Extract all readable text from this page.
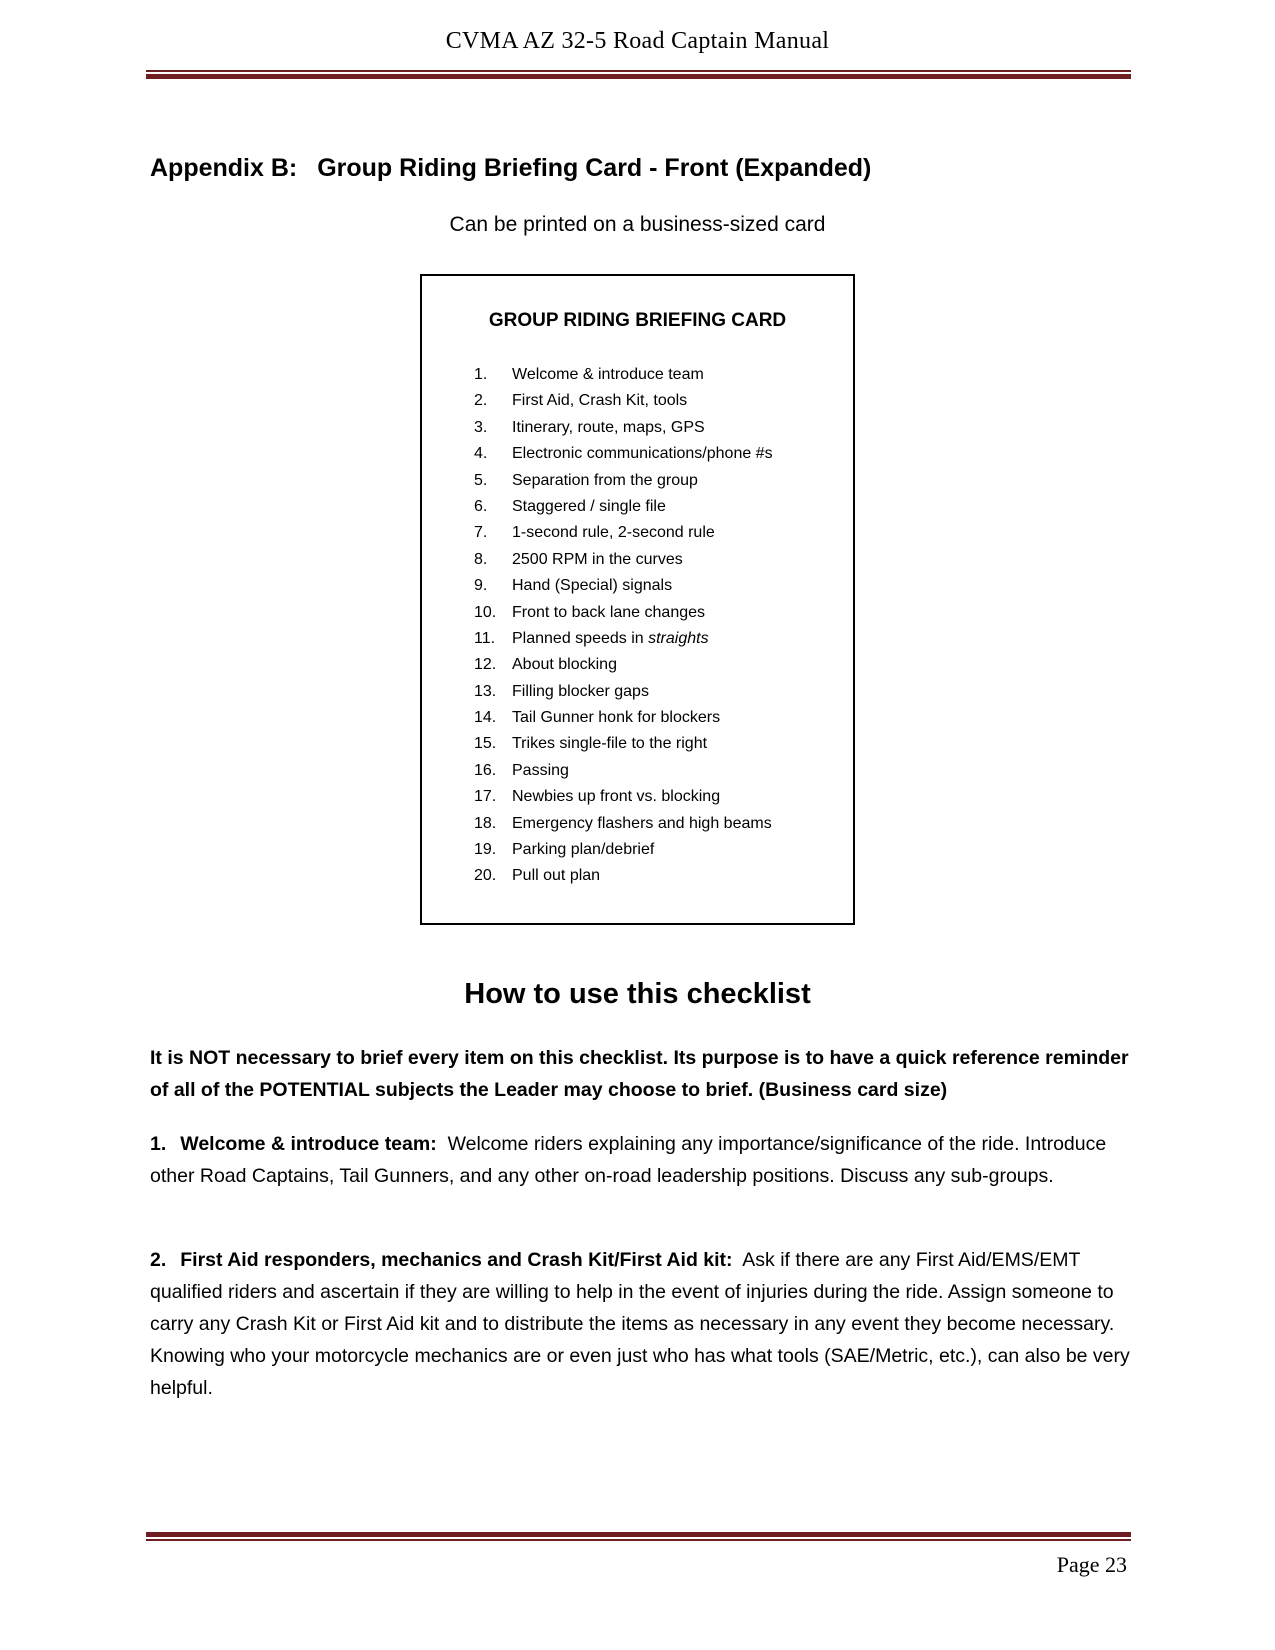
CVMA AZ 32-5 Road Captain Manual
Appendix B: Group Riding Briefing Card - Front (Expanded)
Can be printed on a business-sized card
GROUP RIDING BRIEFING CARD
1. Welcome & introduce team
2. First Aid, Crash Kit, tools
3. Itinerary, route, maps, GPS
4. Electronic communications/phone #s
5. Separation from the group
6. Staggered / single file
7. 1-second rule, 2-second rule
8. 2500 RPM in the curves
9. Hand (Special) signals
10. Front to back lane changes
11. Planned speeds in straights
12. About blocking
13. Filling blocker gaps
14. Tail Gunner honk for blockers
15. Trikes single-file to the right
16. Passing
17. Newbies up front vs. blocking
18. Emergency flashers and high beams
19. Parking plan/debrief
20. Pull out plan
How to use this checklist

It is NOT necessary to brief every item on this checklist. Its purpose is to have a quick reference reminder of all of the POTENTIAL subjects the Leader may choose to brief. (Business card size)

1. Welcome & introduce team: Welcome riders explaining any importance/significance of the ride. Introduce other Road Captains, Tail Gunners, and any other on-road leadership positions. Discuss any sub-groups.

2. First Aid responders, mechanics and Crash Kit/First Aid kit: Ask if there are any First Aid/EMS/EMT qualified riders and ascertain if they are willing to help in the event of injuries during the ride. Assign someone to carry any Crash Kit or First Aid kit and to distribute the items as necessary in any event they become necessary. Knowing who your motorcycle mechanics are or even just who has what tools (SAE/Metric, etc.), can also be very helpful.

Page 23
